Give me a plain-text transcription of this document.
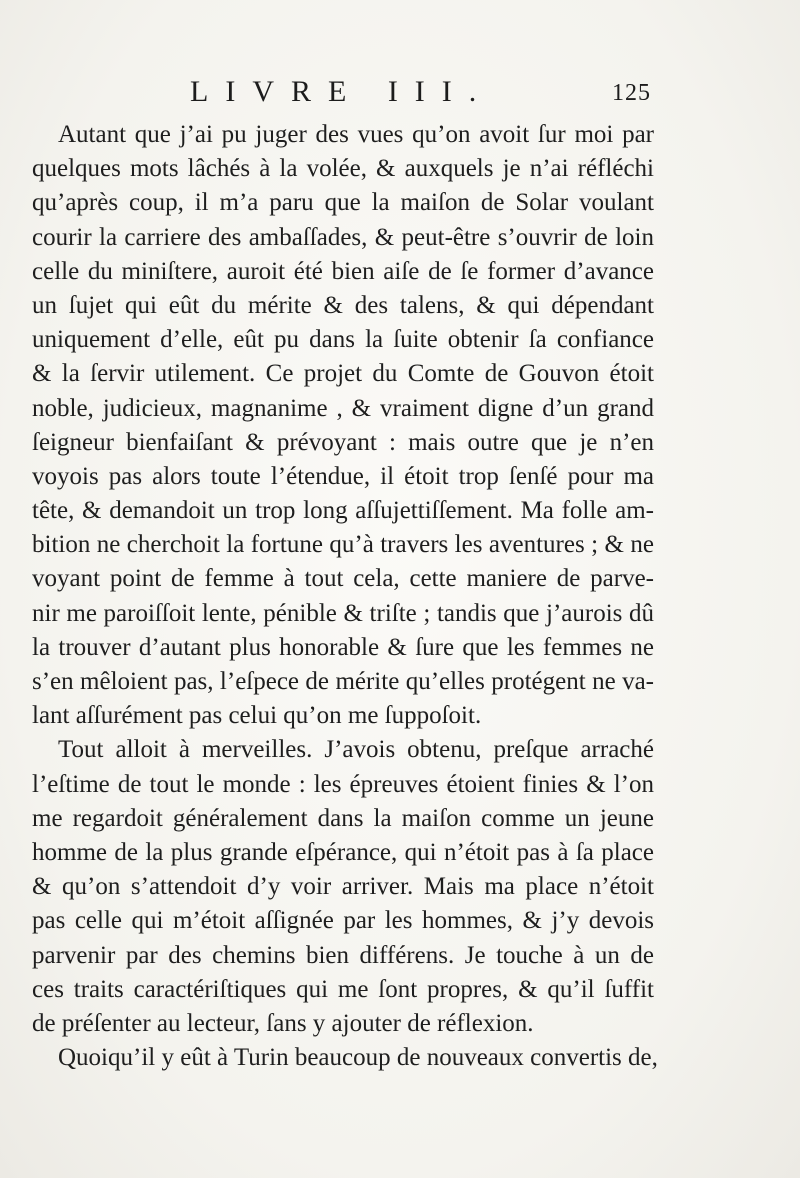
LIVRE III.	125
Autant que j’ai pu juger des vues qu’on avoit ſur moi par
quelques mots lâchés à la volée, & auxquels je n’ai réfléchi
qu’après coup, il m’a paru que la maiſon de Solar voulant
courir la carriere des ambaſſades, & peut-être s’ouvrir de loin
celle du miniſtere, auroit été bien aiſe de ſe former d’avance
un ſujet qui eût du mérite & des talens, & qui dépendant
uniquement d’elle, eût pu dans la ſuite obtenir ſa confiance
& la ſervir utilement. Ce projet du Comte de Gouvon étoit
noble, judicieux, magnanime , & vraiment digne d’un grand
ſeigneur bienfaiſant & prévoyant : mais outre que je n’en
voyois pas alors toute l’étendue, il étoit trop ſenſé pour ma
tête, & demandoit un trop long aſſujettiſſement. Ma folle am-
bition ne cherchoit la fortune qu’à travers les aventures ; & ne
voyant point de femme à tout cela, cette maniere de parve-
nir me paroiſſoit lente, pénible & triſte ; tandis que j’aurois dû
la trouver d’autant plus honorable & ſure que les femmes ne
s’en mêloient pas, l’eſpece de mérite qu’elles protégent ne va-
lant aſſurément pas celui qu’on me ſuppoſoit.
Tout alloit à merveilles. J’avois obtenu, preſque arraché
l’eſtime de tout le monde : les épreuves étoient finies & l’on
me regardoit généralement dans la maiſon comme un jeune
homme de la plus grande eſpérance, qui n’étoit pas à ſa place
& qu’on s’attendoit d’y voir arriver. Mais ma place n’étoit
pas celle qui m’étoit aſſignée par les hommes, & j’y devois
parvenir par des chemins bien différens. Je touche à un de
ces traits caractériſtiques qui me ſont propres, & qu’il ſuffit
de préſenter au lecteur, ſans y ajouter de réflexion.
Quoiqu’il y eût à Turin beaucoup de nouveaux convertis de,
